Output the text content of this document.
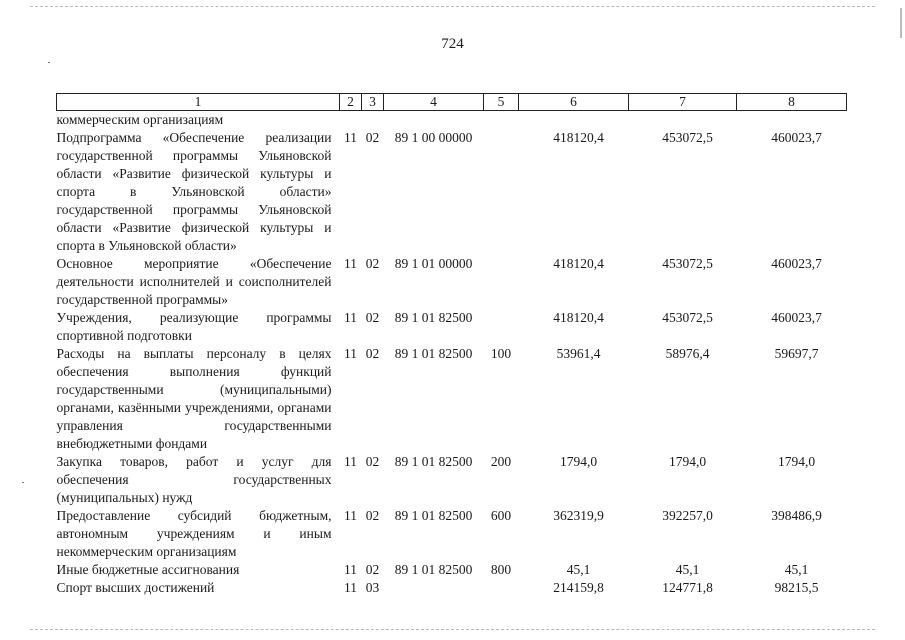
724
1	2	3	4	5	6	7	8
коммерческим организациям							
Подпрограмма «Обеспечение реализации государственной программы Ульяновской области «Развитие физической культуры и спорта в Ульяновской области» государственной программы Ульяновской области «Развитие физической культуры и спорта в Ульяновской области»	11	02	89 1 00 00000		418120,4	453072,5	460023,7
Основное мероприятие «Обеспечение деятельности исполнителей и соисполнителей государственной программы»	11	02	89 1 01 00000		418120,4	453072,5	460023,7
Учреждения, реализующие программы спортивной подготовки	11	02	89 1 01 82500		418120,4	453072,5	460023,7
Расходы на выплаты персоналу в целях обеспечения выполнения функций государственными (муниципальными) органами, казёнными учреждениями, органами управления государственными внебюджетными фондами	11	02	89 1 01 82500	100	53961,4	58976,4	59697,7
Закупка товаров, работ и услуг для обеспечения государственных (муниципальных) нужд	11	02	89 1 01 82500	200	1794,0	1794,0	1794,0
Предоставление субсидий бюджетным, автономным учреждениям и иным некоммерческим организациям	11	02	89 1 01 82500	600	362319,9	392257,0	398486,9
Иные бюджетные ассигнования	11	02	89 1 01 82500	800	45,1	45,1	45,1
Спорт высших достижений	11	03			214159,8	124771,8	98215,5
